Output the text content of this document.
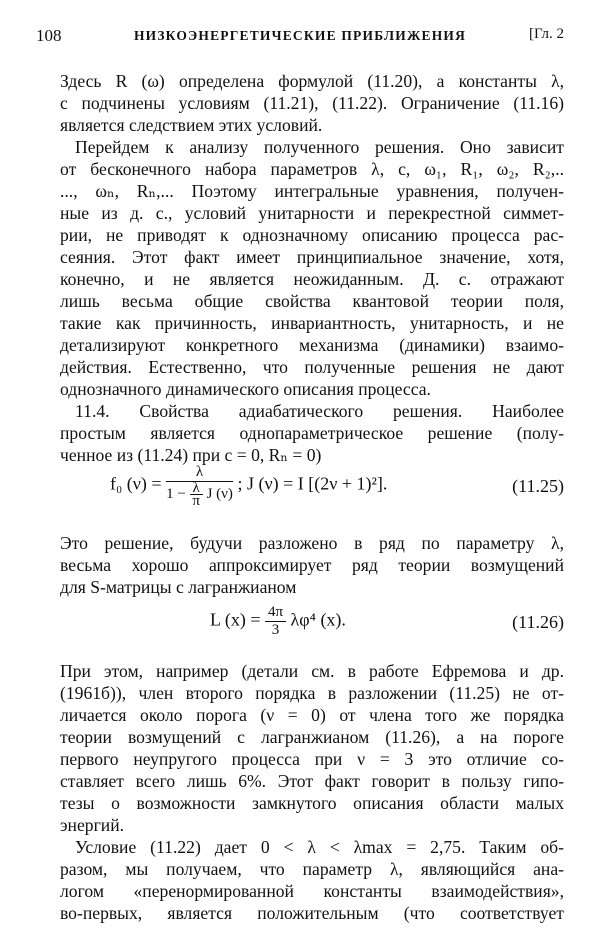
108	НИЗКОЭНЕРГЕТИЧЕСКИЕ ПРИБЛИЖЕНИЯ	[Гл. 2
Здесь R (ω) определена формулой (11.20), а константы λ,
c подчинены условиям (11.21), (11.22). Ограничение (11.16)
является следствием этих условий.
Перейдем к анализу полученного решения. Оно зависит
от бесконечного набора параметров λ, c, ω₁, R₁, ω₂, R₂,..
..., ωₙ, Rₙ,... Поэтому интегральные уравнения, получен-
ные из д. с., условий унитарности и перекрестной симмет-
рии, не приводят к однозначному описанию процесса рас-
сеяния. Этот факт имеет принципиальное значение, хотя,
конечно, и не является неожиданным. Д. с. отражают
лишь весьма общие свойства квантовой теории поля,
такие как причинность, инвариантность, унитарность, и не
детализируют конкретного механизма (динамики) взаимо-
действия. Естественно, что полученные решения не дают
однозначного динамического описания процесса.
11.4. Свойства адиабатического решения. Наиболее
простым является однопараметрическое решение (полу-
ченное из (11.24) при c = 0, Rₙ = 0)
f₀ (ν) =
λ
$1 - \frac{\lambda}{\pi}$ J (ν)
; J (ν) = I [(2ν + 1)²].	(11.25)
Это решение, будучи разложено в ряд по параметру λ,
весьма хорошо аппроксимирует ряд теории возмущений
для S-матрицы с лагранжианом
L $(x) = \frac{4\pi}{3} \lambda\varphi^4$ (x).	(11.26)
При этом, например (детали см. в работе Ефремова и др.
(1961б)), член второго порядка в разложении (11.25) не от-
личается около порога (ν = 0) от члена того же порядка
теории возмущений с лагранжианом (11.26), а на пороге
первого неупругого процесса при ν = 3 это отличие со-
ставляет всего лишь 6%. Этот факт говорит в пользу гипо-
тезы о возможности замкнутого описания области малых
энергий.
Условие (11.22) дает 0 < λ < λmax = 2,75. Таким об-
разом, мы получаем, что параметр λ, являющийся ана-
логом «перенормированной константы взаимодействия»,
во-первых, является положительным (что соответствует
